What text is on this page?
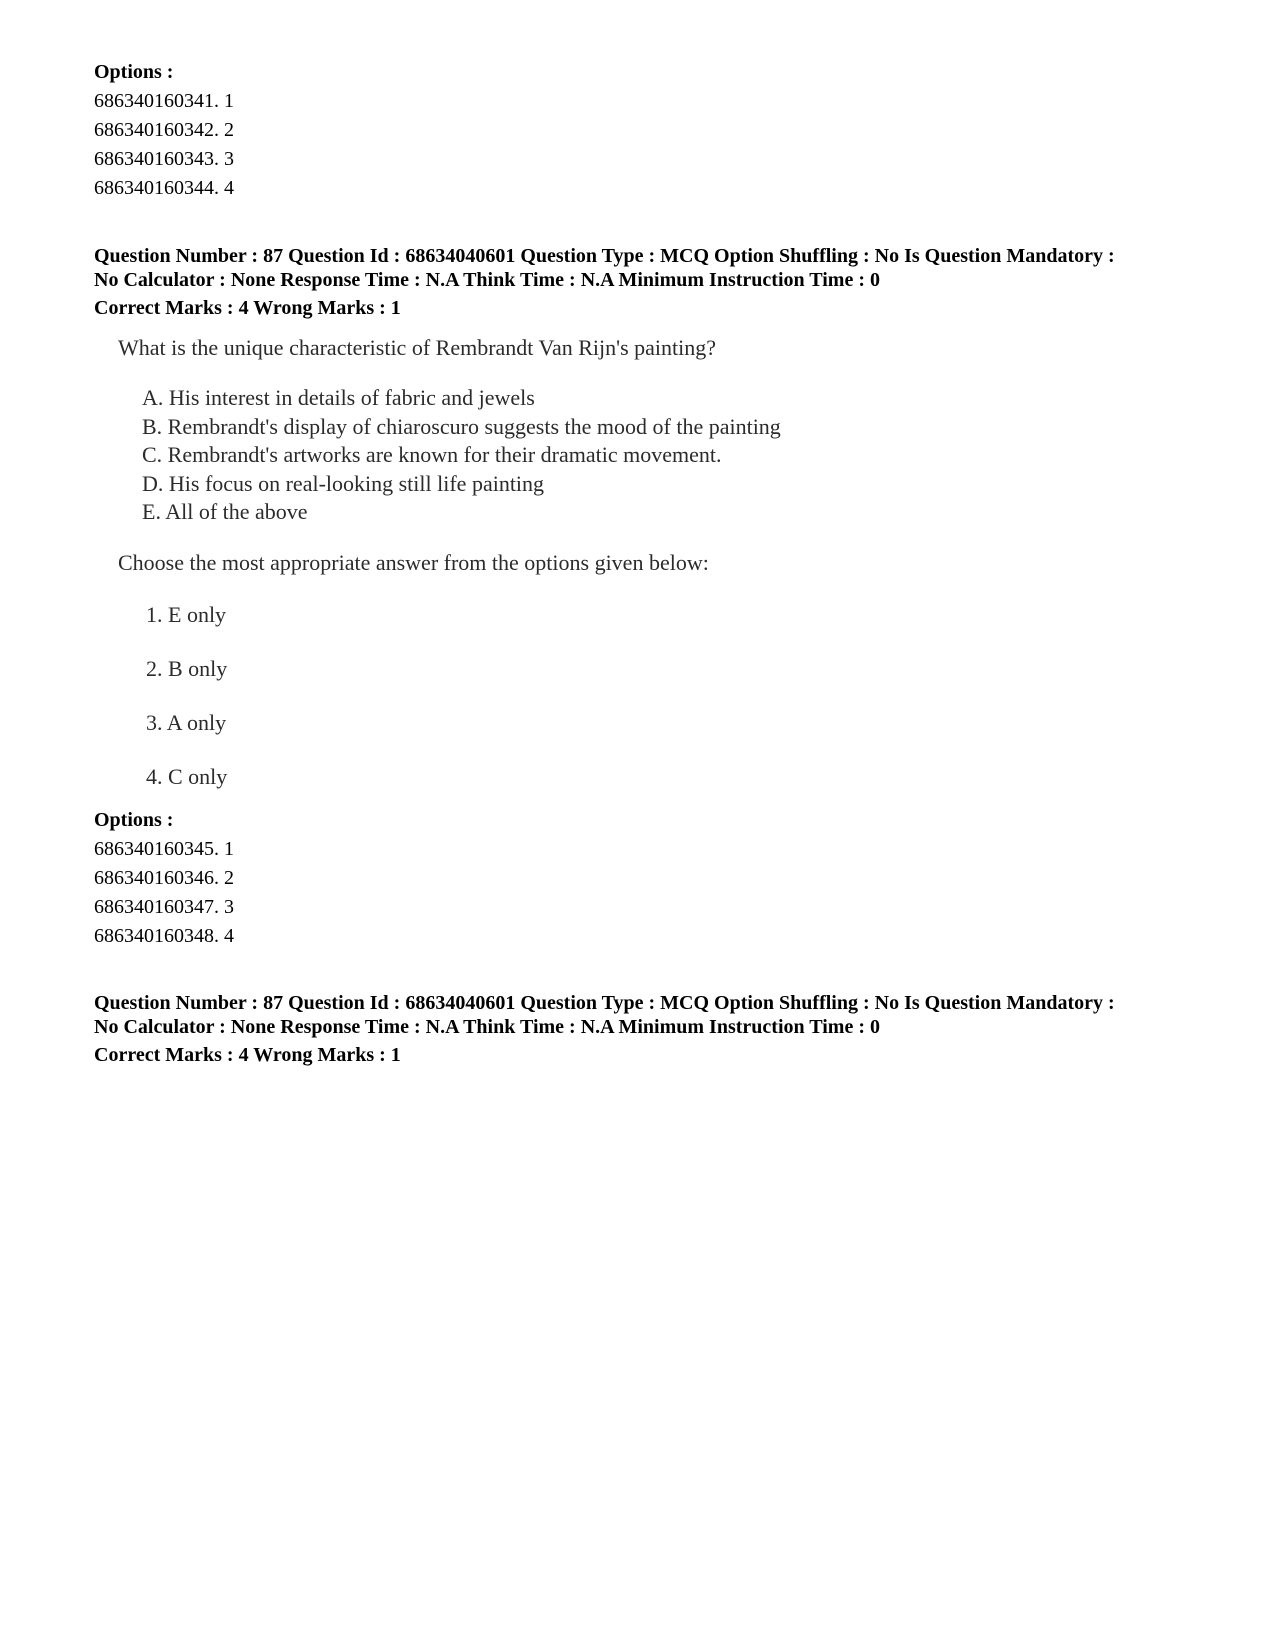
Options :
686340160341. 1
686340160342. 2
686340160343. 3
686340160344. 4
Question Number : 87 Question Id : 68634040601 Question Type : MCQ Option Shuffling : No Is Question Mandatory :
No Calculator : None Response Time : N.A Think Time : N.A Minimum Instruction Time : 0
Correct Marks : 4 Wrong Marks : 1
What is the unique characteristic of Rembrandt Van Rijn's painting?
A. His interest in details of fabric and jewels
B. Rembrandt's display of chiaroscuro suggests the mood of the painting
C. Rembrandt's artworks are known for their dramatic movement.
D. His focus on real-looking still life painting
E. All of the above
Choose the most appropriate answer from the options given below:
1. E only
2. B only
3. A only
4. C only
Options :
686340160345. 1
686340160346. 2
686340160347. 3
686340160348. 4
Question Number : 87 Question Id : 68634040601 Question Type : MCQ Option Shuffling : No Is Question Mandatory :
No Calculator : None Response Time : N.A Think Time : N.A Minimum Instruction Time : 0
Correct Marks : 4 Wrong Marks : 1
